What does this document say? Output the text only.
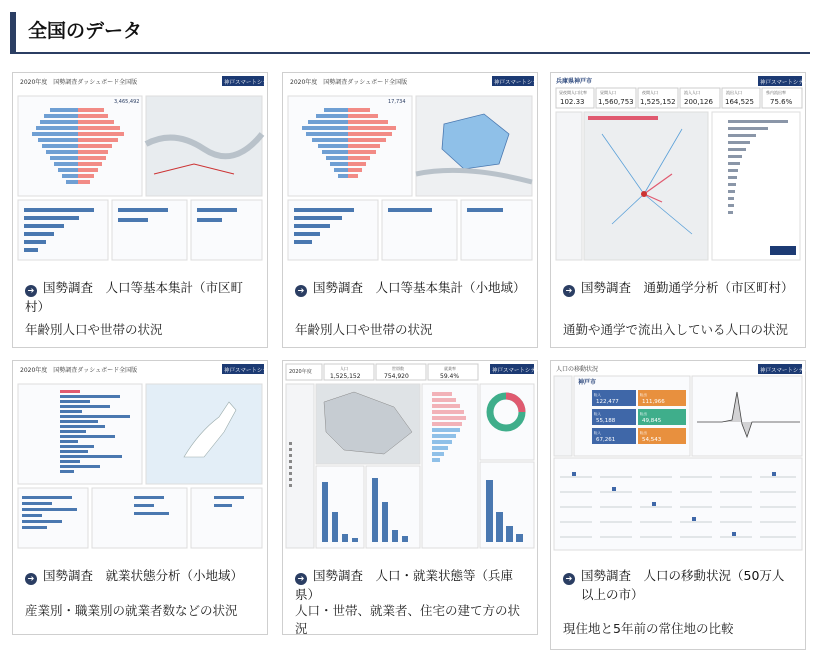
全国のデータ
2020年度　国勢調査ダッシュボード全国版	神戸スマートシティ
3,465,492
➔ 国勢調査　人口等基本集計（市区町村）
年齢別人口や世帯の状況
2020年度　国勢調査ダッシュボード全国版	神戸スマートシティ
17,734
➔ 国勢調査　人口等基本集計（小地域）
年齢別人口や世帯の状況
兵庫県神戸市	神戸スマートシティ
昼夜間人口比率
102.33
昼間人口
1,560,753
夜間人口
1,525,152
流入人口
200,126
流出人口
164,525
県内流出率
75.6%
➔ 国勢調査　通勤通学分析（市区町村）
通勤や通学で流出入している人口の状況
2020年度　国勢調査ダッシュボード全国版	神戸スマートシティ
➔ 国勢調査　就業状態分析（小地域）
産業別・職業別の就業者数などの状況
2020年度	神戸スマートシティ
人口
1,525,152
世帯数
754,920
就業率
59.4%
➔ 国勢調査　人口・就業状態等（兵庫県）
人口・世帯、就業者、住宅の建て方の状況
人口の移動状況	神戸スマートシティ
神戸市
転入
122,477
転出
111,966
転入
55,188
転出
49,845
転入
67,261
転出
54,543
➔ 国勢調査　人口の移動状況（50万人以上の市）
現住地と5年前の常住地の比較
